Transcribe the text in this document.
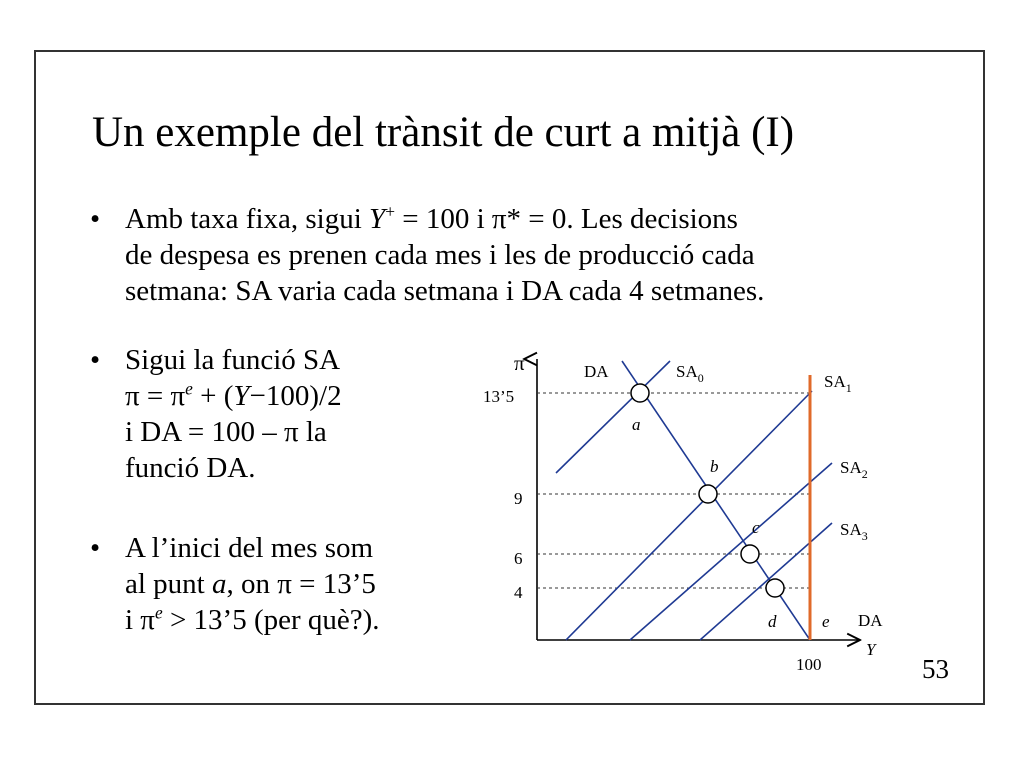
Un exemple del trànsit de curt a mitjà (I)
• Amb taxa fixa, sigui Y+ = 100 i π* = 0. Les decisions
de despesa es prenen cada mes i les de producció cada
setmana: SA varia cada setmana i DA cada 4 setmanes.
• Sigui la funció SA
$\pi = \pi^e + (Y-100)/2$
i DA = 100 – π la
funció DA.
• A l’inici del mes som
al punt a, on π = 13’5
i $\pi^e$ > 13’5 (per què?).
π
Y
13’5
9
6
4
100
DA	$SA_0$	$SA_1$
$SA_2$
$SA_3$
DA
a
b
c
d	e
53
